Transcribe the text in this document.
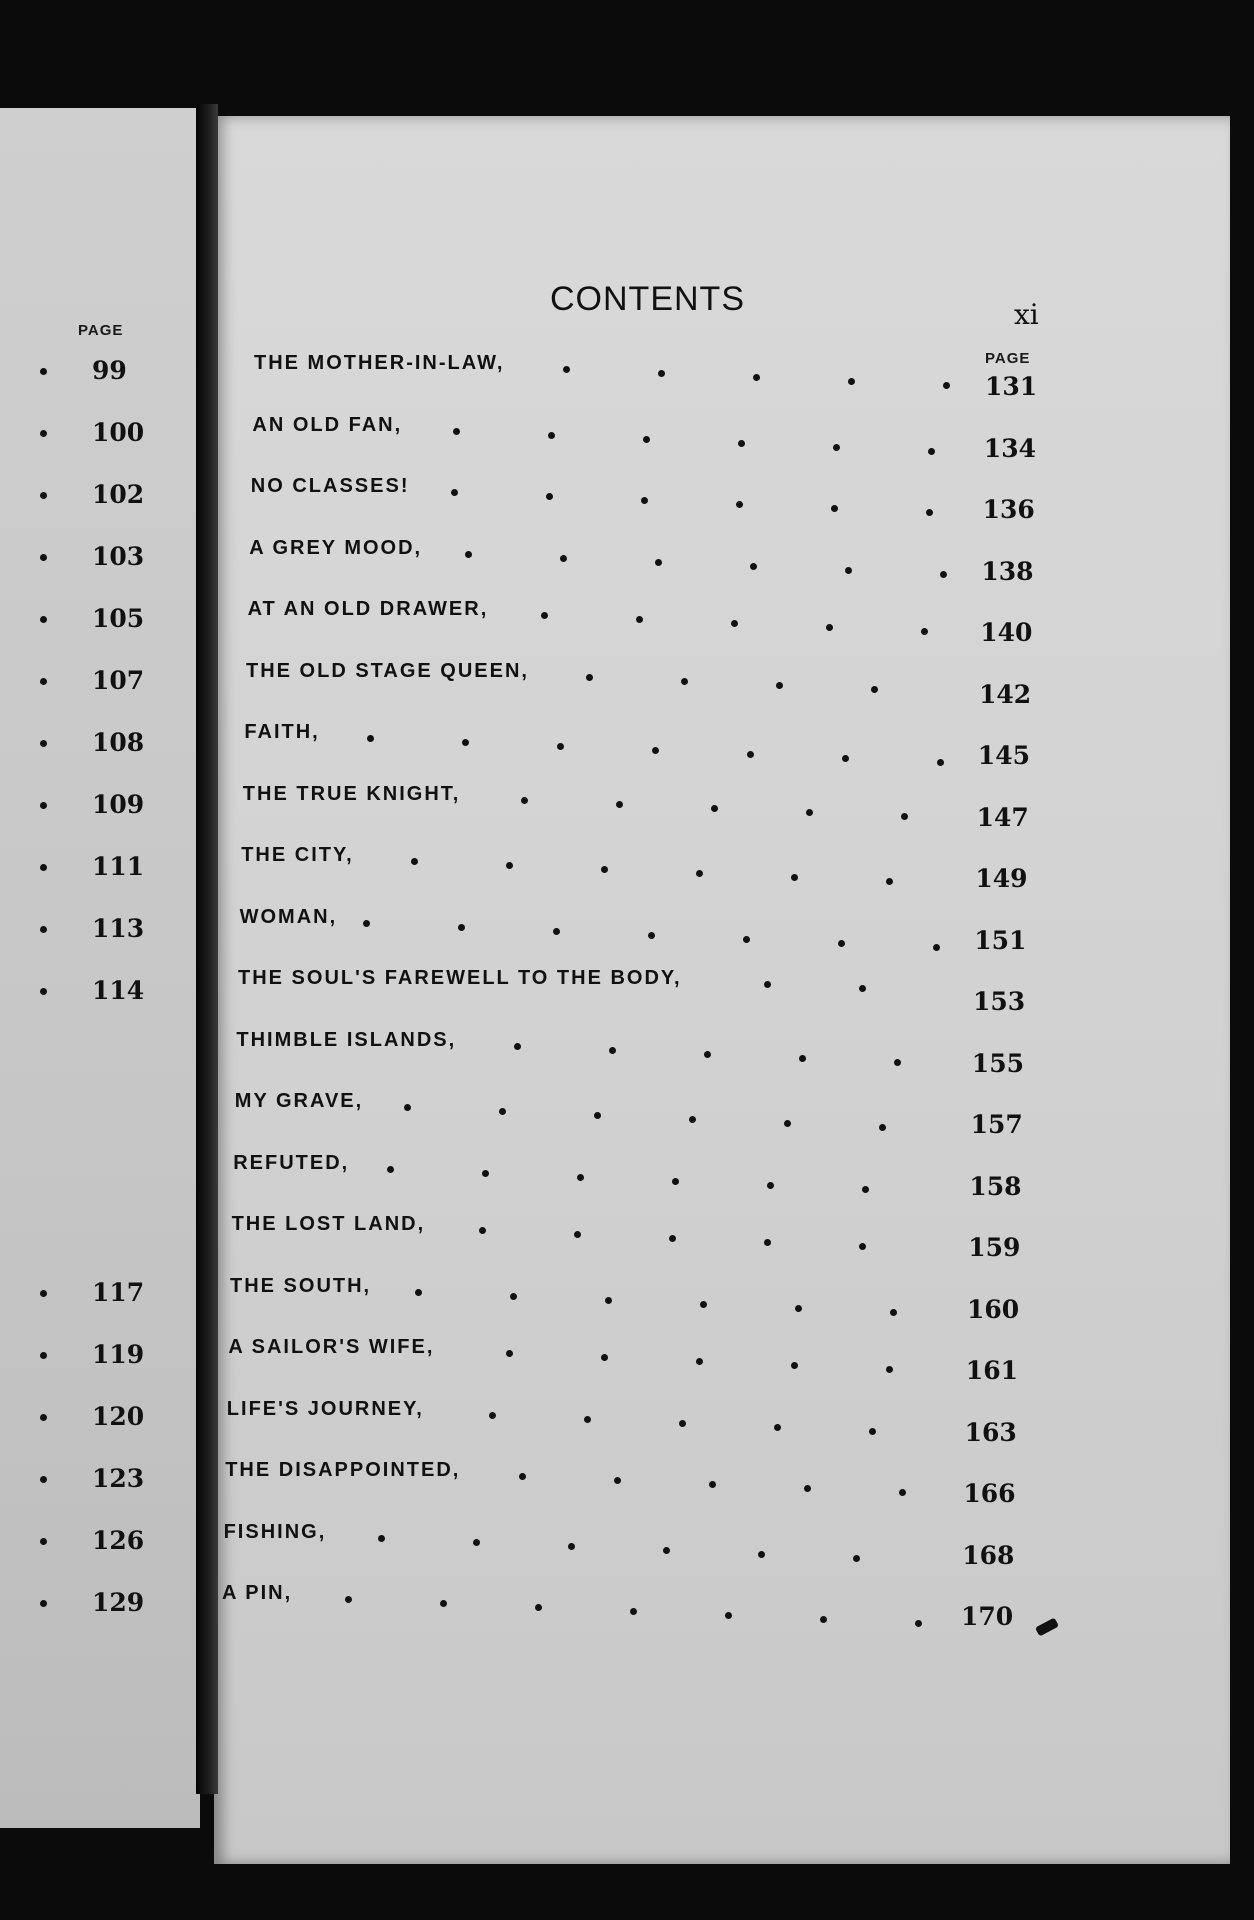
PAGE
99
100
102
103
105
107
108
109
111
113
114
117
119
120
123
126
129
CONTENTS	xi
PAGE
THE MOTHER-IN-LAW,
131
AN OLD FAN,
134
NO CLASSES!
136
A GREY MOOD,
138
AT AN OLD DRAWER,
140
THE OLD STAGE QUEEN,
142
FAITH,
145
THE TRUE KNIGHT,
147
THE CITY,
149
WOMAN,
151
THE SOUL'S FAREWELL TO THE BODY,
153
THIMBLE ISLANDS,
155
MY GRAVE,
157
REFUTED,
158
THE LOST LAND,
159
THE SOUTH,
160
A SAILOR'S WIFE,
161
LIFE'S JOURNEY,
163
THE DISAPPOINTED,
166
FISHING,
168
A PIN,
170
